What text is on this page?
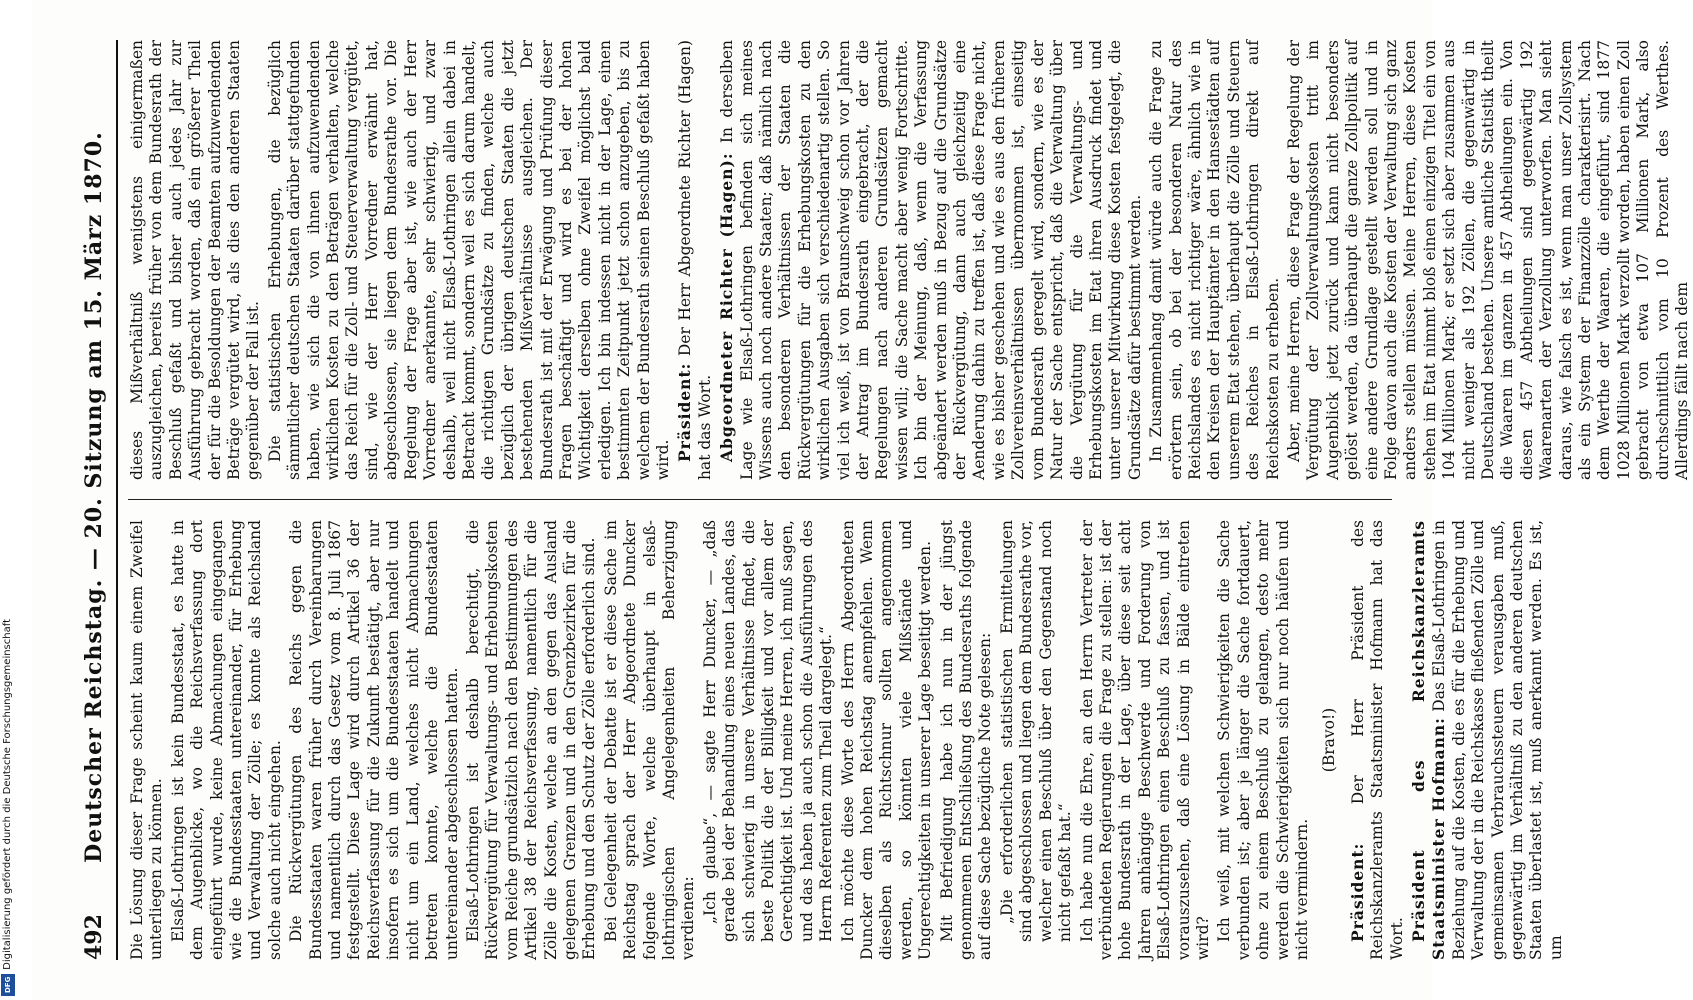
Digitalisierung gefördert durch die Deutsche Forschungsgemeinschaft
DFG
492
Deutscher Reichstag. — 20. Sitzung am 15. März 1870. Die Lösung dieser Frage scheint kaum einem Zweifel unterliegen zu können. Elsaß-Lothringen ist kein Bundesstaat, es hatte in dem Augenblicke, wo die Reichsverfassung dort eingeführt wurde, keine Abmachungen eingegangen wie die Bundesstaaten untereinander, für Erhebung und Verwaltung der Zölle; es konnte als Reichsland solche auch nicht eingehen. Die Rückvergütungen des Reichs gegen die Bundesstaaten waren früher durch Vereinbarungen und namentlich durch das Gesetz vom 8. Juli 1867 festgestellt. Diese Lage wird durch Artikel 36 der Reichsverfassung für die Zukunft bestätigt, aber nur insofern es sich um die Bundesstaaten handelt und nicht um ein Land, welches nicht Abmachungen betreten konnte, welche die Bundesstaaten untereinander abgeschlossen hatten. Elsaß-Lothringen ist deshalb berechtigt, die Rückvergütung für Verwaltungs- und Erhebungskosten vom Reiche grundsätzlich nach den Bestimmungen des Artikel 38 der Reichsverfassung, namentlich für die Zölle die Kosten, welche an den gegen das Ausland gelegenen Grenzen und in den Grenzbezirken für die Erhebung und den Schutz der Zölle erforderlich sind. Bei Gelegenheit der Debatte ist er diese Sache im Reichstag sprach der Herr Abgeordnete Duncker folgende Worte, welche überhaupt in elsaß-lothringischen Angelegenheiten Beherzigung verdienen: „Ich glaube“, — sagte Herr Duncker, — „daß gerade bei der Behandlung eines neuen Landes, das sich schwierig in unsere Verhältnisse findet, die beste Politik die der Billigkeit und vor allem der Gerechtigkeit ist. Und meine Herren, ich muß sagen, und das haben ja auch schon die Ausführungen des Herrn Referenten zum Theil dargelegt.“ Ich möchte diese Worte des Herrn Abgeordneten Duncker dem hohen Reichstag anempfehlen. Wenn dieselben als Richtschnur sollten angenommen werden, so könnten viele Mißstände und Ungerechtigkeiten in unserer Lage beseitigt werden. Mit Befriedigung habe ich nun in der jüngst genommenen Entschließung des Bundesraths folgende auf diese Sache bezügliche Note gelesen: „Die erforderlichen statistischen Ermittelungen sind abgeschlossen und liegen dem Bundesrathe vor, welcher einen Beschluß über den Gegenstand noch nicht gefaßt hat.“ Ich habe nun die Ehre, an den Herrn Vertreter der verbündeten Regierungen die Frage zu stellen: ist der hohe Bundesrath in der Lage, über diese seit acht Jahren anhängige Beschwerde und Forderung von Elsaß-Lothringen einen Beschluß zu fassen, und ist vorauszusehen, daß eine Lösung in Bälde eintreten wird? Ich weiß, mit welchen Schwierigkeiten die Sache verbunden ist; aber je länger die Sache fortdauert, ohne zu einem Beschluß zu gelangen, desto mehr werden die Schwierigkeiten sich nur noch häufen und nicht vermindern.

(Bravo!)

Präsident: Der Herr Präsident des Reichskanzleramts Staatsminister Hofmann hat das Wort. Präsident des Reichskanzleramts Staatsminister Hofmann: Das Elsaß-Lothringen in Beziehung auf die Kosten, die es für die Erhebung und Verwaltung der in die Reichskasse fließenden Zölle und gemeinsamen Verbrauchssteuern verausgaben muß, gegenwärtig im Verhältniß zu den anderen deutschen Staaten überlastet ist, muß anerkannt werden. Es ist, um

dieses Mißverhältniß wenigstens einigermaßen auszugleichen, bereits früher von dem Bundesrath der Beschluß gefaßt und bisher auch jedes Jahr zur Ausführung gebracht worden, daß ein größerer Theil der für die Besoldungen der Beamten aufzuwendenden Beträge vergütet wird, als dies den anderen Staaten gegenüber der Fall ist. Die statistischen Erhebungen, die bezüglich sämmtlicher deutschen Staaten darüber stattgefunden haben, wie sich die von ihnen aufzuwendenden wirklichen Kosten zu den Beträgen verhalten, welche das Reich für die Zoll- und Steuerverwaltung vergütet, sind, wie der Herr Vorredner erwähnt hat, abgeschlossen, sie liegen dem Bundesrathe vor. Die Regelung der Frage aber ist, wie auch der Herr Vorredner anerkannte, sehr schwierig, und zwar deshalb, weil nicht Elsaß-Lothringen allein dabei in Betracht kommt, sondern weil es sich darum handelt, die richtigen Grundsätze zu finden, welche auch bezüglich der übrigen deutschen Staaten die jetzt bestehenden Mißverhältnisse ausgleichen. Der Bundesrath ist mit der Erwägung und Prüfung dieser Fragen beschäftigt und wird es bei der hohen Wichtigkeit derselben ohne Zweifel möglichst bald erledigen. Ich bin indessen nicht in der Lage, einen bestimmten Zeitpunkt jetzt schon anzugeben, bis zu welchem der Bundesrath seinen Beschluß gefaßt haben wird. Präsident: Der Herr Abgeordnete Richter (Hagen) hat das Wort. Abgeordneter Richter (Hagen): In derselben Lage wie Elsaß-Lothringen befinden sich meines Wissens auch noch andere Staaten; daß nämlich nach den besonderen Verhältnissen der Staaten die Rückvergütungen für die Erhebungskosten zu den wirklichen Ausgaben sich verschiedenartig stellen. So viel ich weiß, ist von Braunschweig schon vor Jahren der Antrag im Bundesrath eingebracht, der die Regelungen nach anderen Grundsätzen gemacht wissen will; die Sache macht aber wenig Fortschritte. Ich bin der Meinung, daß, wenn die Verfassung abgeändert werden muß in Bezug auf die Grundsätze der Rückvergütung, dann auch gleichzeitig eine Aenderung dahin zu treffen ist, daß diese Frage nicht, wie es bisher geschehen und wie es aus den früheren Zollvereinsverhältnissen übernommen ist, einseitig vom Bundesrath geregelt wird, sondern, wie es der Natur der Sache entspricht, daß die Verwaltung über die Vergütung für die Verwaltungs- und Erhebungskosten im Etat ihren Ausdruck findet und unter unserer Mitwirkung diese Kosten festgelegt, die Grundsätze dafür bestimmt werden. In Zusammenhang damit würde auch die Frage zu erörtern sein, ob bei der besonderen Natur des Reichslandes es nicht richtiger wäre, ähnlich wie in den Kreisen der Hauptämter in den Hansestädten auf unserem Etat stehen, überhaupt die Zölle und Steuern des Reiches in Elsaß-Lothringen direkt auf Reichskosten zu erheben. Aber, meine Herren, diese Frage der Regelung der Vergütung der Zollverwaltungskosten tritt im Augenblick jetzt zurück und kann nicht besonders gelöst werden, da überhaupt die ganze Zollpolitik auf eine andere Grundlage gestellt werden soll und in Folge davon auch die Kosten der Verwaltung sich ganz anders stellen müssen. Meine Herren, diese Kosten stehen im Etat nimmt bloß einen einzigen Titel ein von 104 Millionen Mark; er setzt sich aber zusammen aus nicht weniger als 192 Zöllen, die gegenwärtig in Deutschland bestehen. Unsere amtliche Statistik theilt die Waaren im ganzen in 457 Abtheilungen ein. Von diesen 457 Abtheilungen sind gegenwärtig 192 Waarenarten der Verzollung unterworfen. Man sieht daraus, wie falsch es ist, wenn man unser Zollsystem als ein System der Finanzzölle charakterisirt. Nach dem Werthe der Waaren, die eingeführt, sind 1877 1028 Millionen Mark verzollt worden, haben einen Zoll gebracht von etwa 107 Millionen Mark, also durchschnittlich vom 10 Prozent des Werthes. Allerdings fällt nach dem
